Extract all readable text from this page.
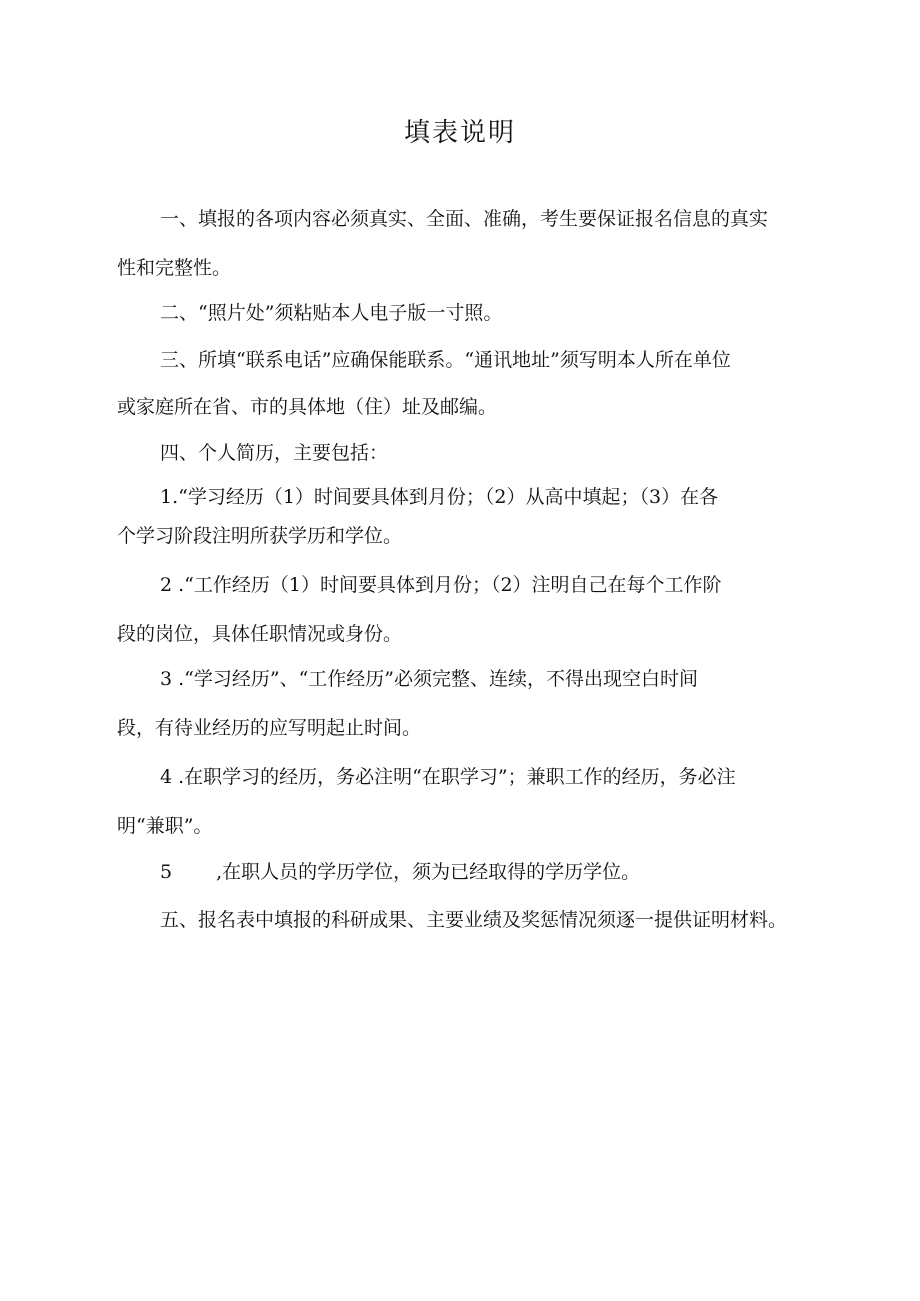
填表说明
一、填报的各项内容必须真实、全面、准确，考生要保证报名信息的真实
性和完整性。
二、“照片处”须粘贴本人电子版一寸照。
三、所填“联系电话”应确保能联系。“通讯地址”须写明本人所在单位
或家庭所在省、市的具体地（住）址及邮编。
四、个人简历，主要包括：
1.“学习经历（1）时间要具体到月份；（2）从高中填起；（3）在各
个学习阶段注明所获学历和学位。
2 .“工作经历（1）时间要具体到月份；（2）注明自己在每个工作阶
段的岗位，具体任职情况或身份。
3 .“学习经历”、“工作经历”必须完整、连续，不得出现空白时间
段，有待业经历的应写明起止时间。
4 .在职学习的经历，务必注明“在职学习”；兼职工作的经历，务必注
明“兼职”。
5 ,在职人员的学历学位，须为已经取得的学历学位。
五、报名表中填报的科研成果、主要业绩及奖惩情况须逐一提供证明材料。
